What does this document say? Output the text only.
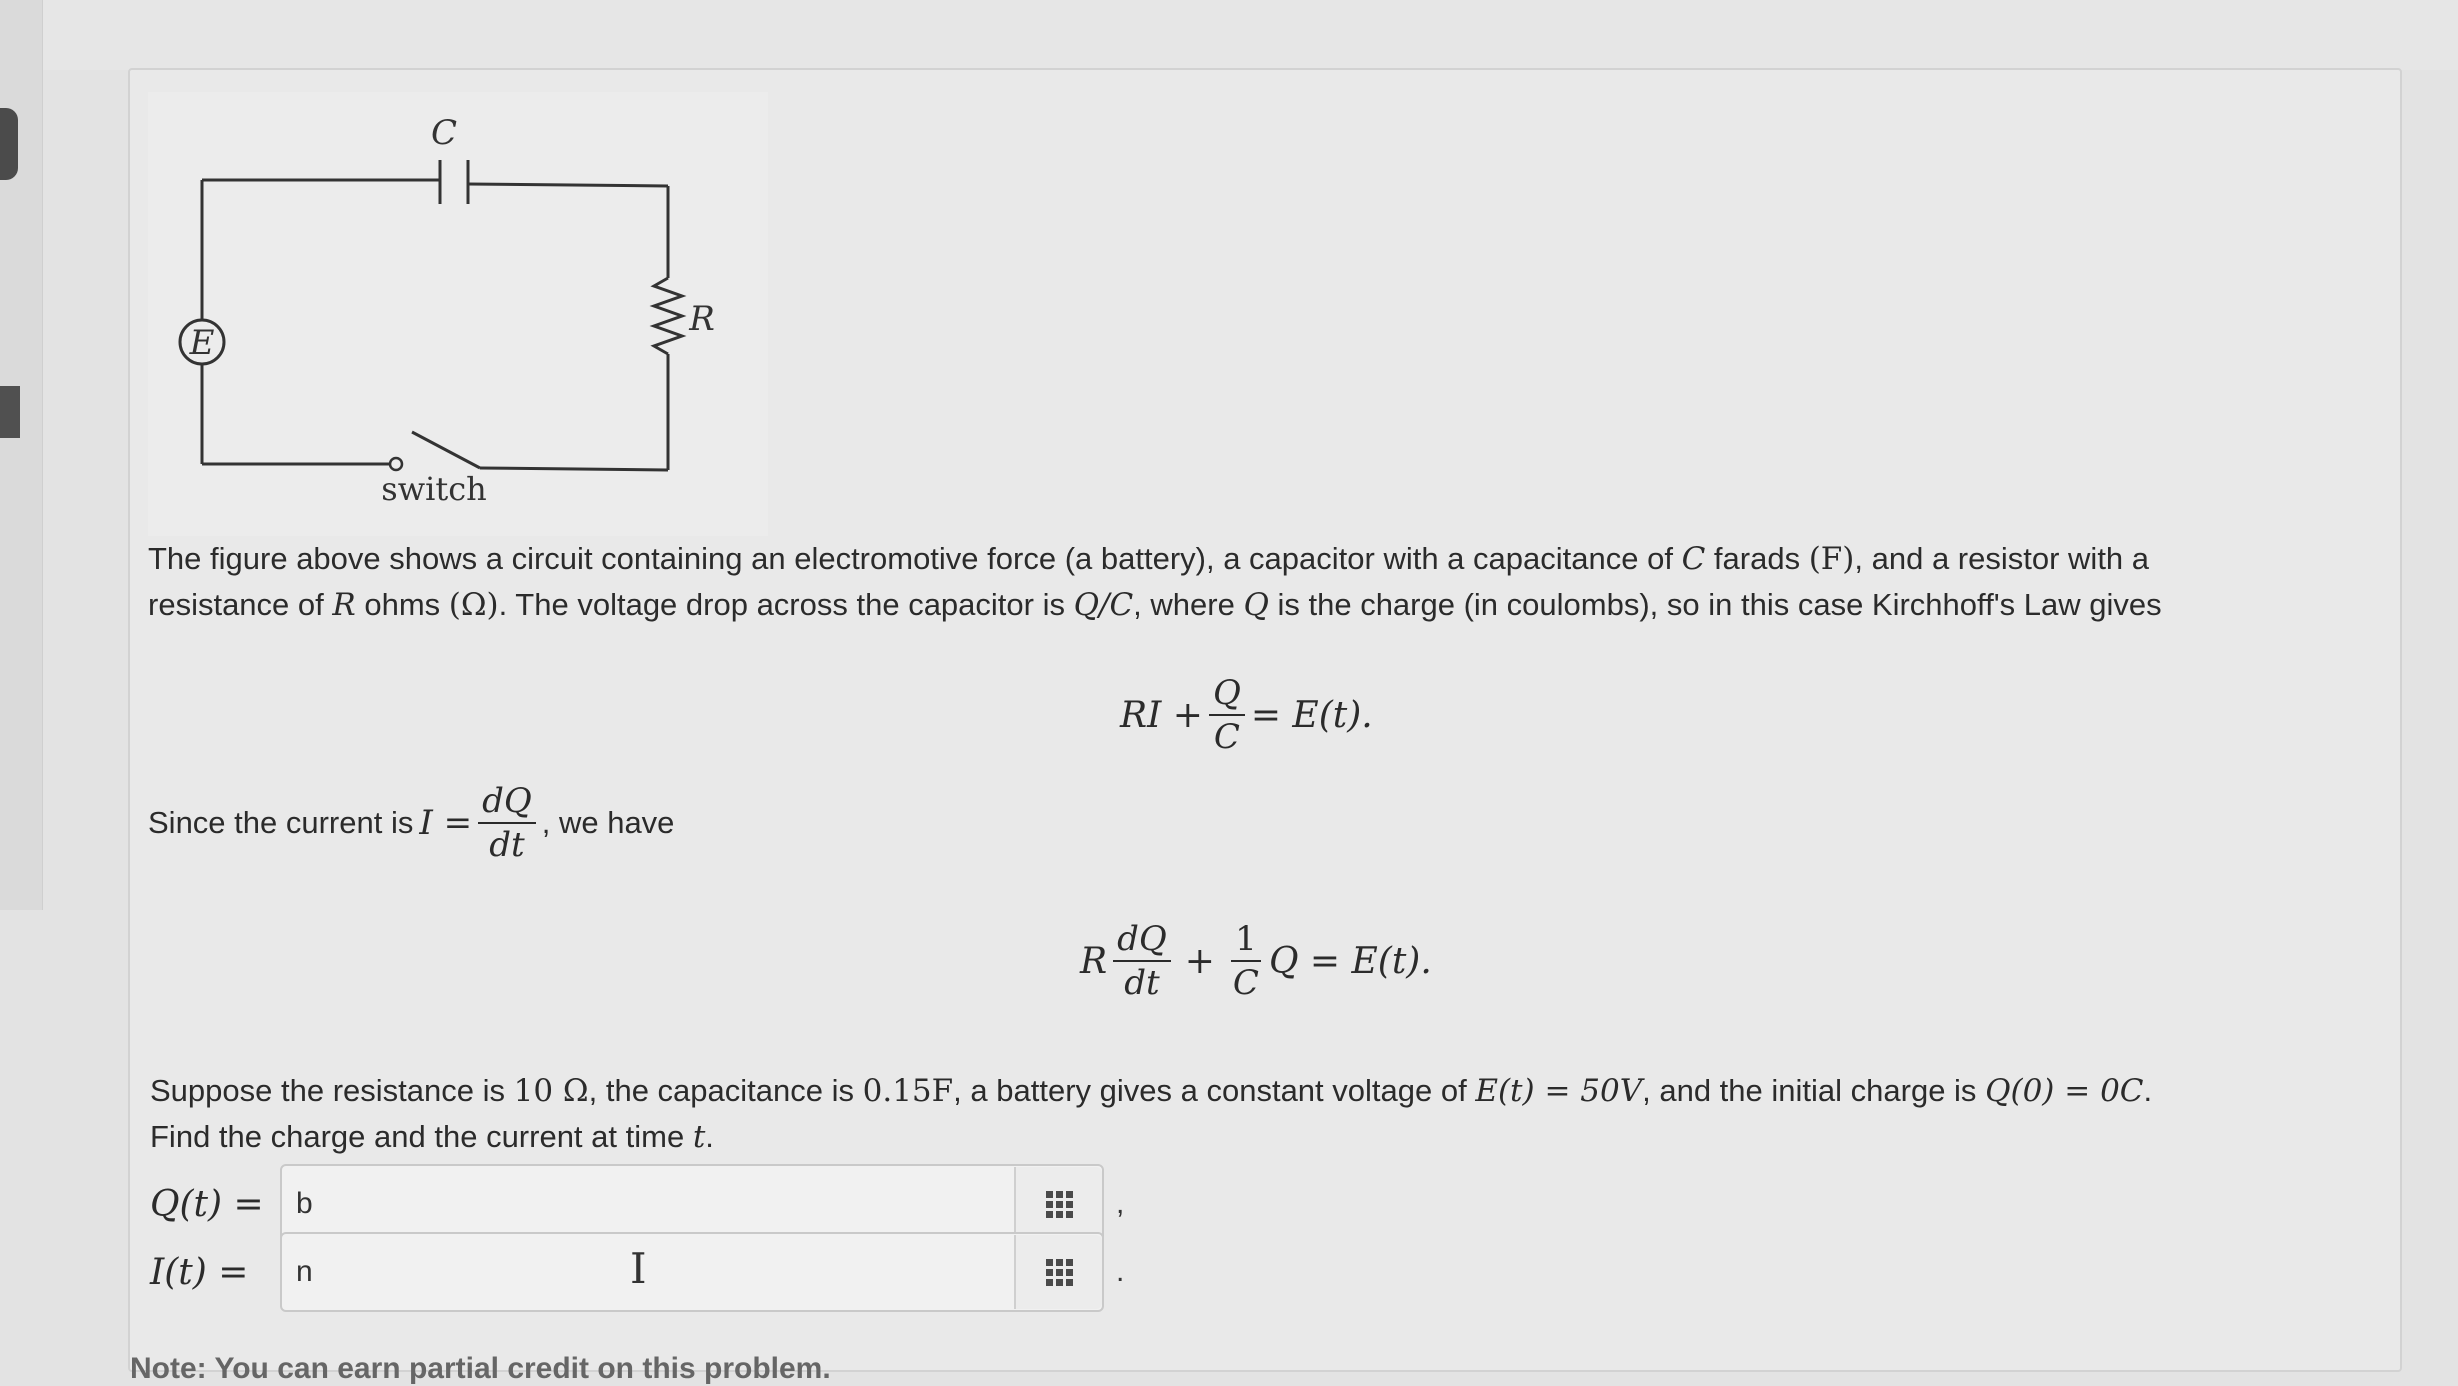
C
E
R
switch
The figure above shows a circuit containing an electromotive force (a battery), a capacitor with a capacitance of C farads (F), and a resistor with a
resistance of R ohms (Ω). The voltage drop across the capacitor is Q/C, where Q is the charge (in coulombs), so in this case Kirchhoff's Law gives
RI + $\frac{Q}{C} = E(t)$.
Since the current is $I = \frac{dQ}{dt}$ , we have
R $\frac{dQ}{dt} + \frac{1}{C}$ Q = E(t).
Suppose the resistance is 10 Ω, the capacitance is 0.15F, a battery gives a constant voltage of E(t) = 50V, and the initial charge is Q(0) = 0C.
Find the charge and the current at time t.
Q(t) =
b	,
I(t) =
n	.
I
Note: You can earn partial credit on this problem.
